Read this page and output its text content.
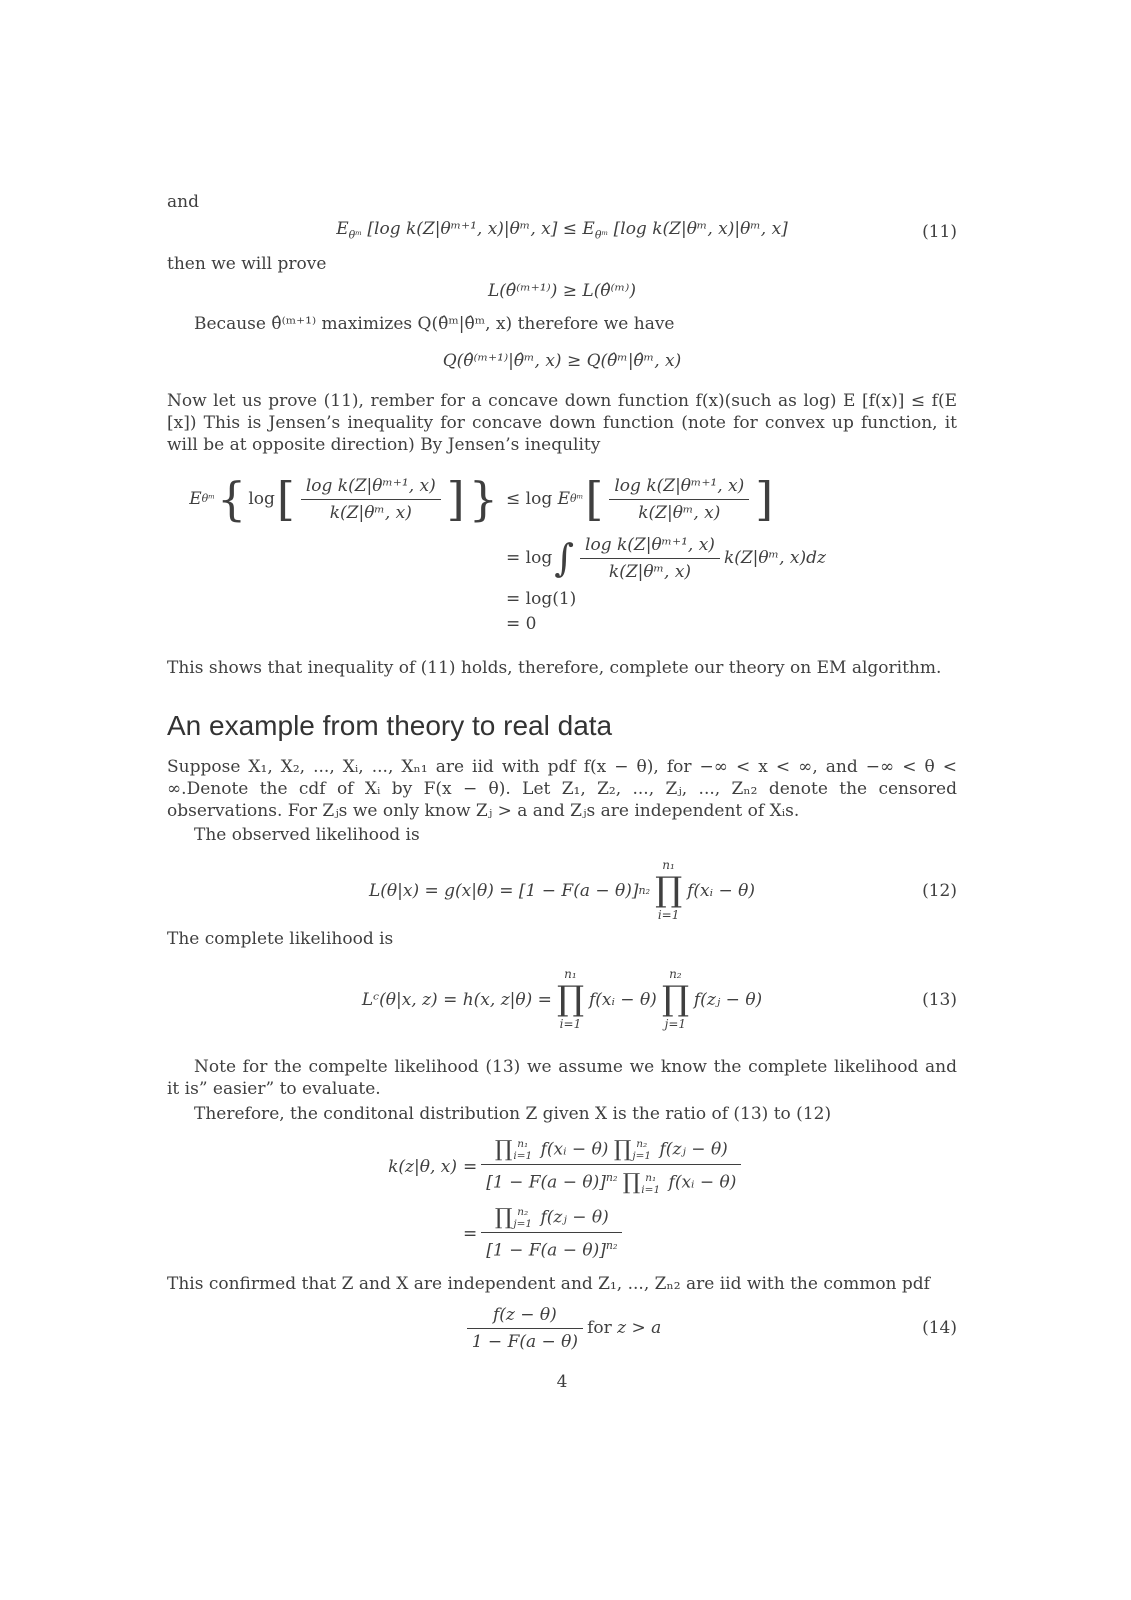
and

$E_{\theta ᵐ}$ [log k(Z|θᵐ⁺¹, x)|θᵐ, $x] \le E_{\theta ᵐ}$ [log k(Z|θᵐ, x)|θᵐ, x]	(11)

then we will prove

L(θ̂⁽ᵐ⁺¹⁾) ≥ L(θ̂⁽ᵐ⁾)

Because θ̂⁽ᵐ⁺¹⁾ maximizes Q(θ̂ᵐ|θ̂ᵐ, x) therefore we have

Q(θ̂⁽ᵐ⁺¹⁾|θ̂ᵐ, x) ≥ Q(θ̂ᵐ|θ̂ᵐ, x)

Now let us prove (11), rember for a concave down function f(x)(such as log) E [f(x)] ≤ f(E [x]) This is Jensen’s inequality for concave down function (note for convex up function, it will be at opposite direction) By Jensen’s inequlity

E θᵐ { log [ $\frac{\text{log k(Z|θᵐ⁺¹, x)}}{\text{k(Z|θᵐ, x)}}$ ] } ≤ log
E θᵐ [ $\frac{\text{log k(Z|θᵐ⁺¹, x)}}{\text{k(Z|θᵐ, x)}}$ ]
= log ∫ $\frac{\text{log k(Z|θᵐ⁺¹, x)}}{\text{k(Z|θᵐ, x)}}$ k(Z|θᵐ, x)dz
= log(1)
= 0

This shows that inequality of (11) holds, therefore, complete our theory on EM algorithm.

An example from theory to real data

Suppose X₁, X₂, ..., Xᵢ, ..., Xₙ₁ are iid with pdf f(x − θ), for −∞ < x < ∞, and −∞ < θ < ∞.Denote the cdf of Xᵢ by F(x − θ). Let Z₁, Z₂, ..., Zⱼ, ..., Zₙ₂ denote the censored observations. For Zⱼs we only know Zⱼ > a and Zⱼs are independent of Xᵢs.

The observed likelihood is

L(θ|x) = g(x|θ) = [1 − F(a − θ)] n₂
n₁
∏
i=1
f(xᵢ − θ)	(12)

The complete likelihood is

Lᶜ(θ|x, z) = h(x, z|θ) =
n₁
∏
i=1
f(xᵢ − θ)
n₂
∏
j=1
f(zⱼ − θ)	(13)

Note for the compelte likelihood (13) we assume we know the complete likelihood and it is” easier” to evaluate.

Therefore, the conditonal distribution Z given X is the ratio of (13) to (12)

k(z|θ, x) =
∏ n₁
i=1 f(xᵢ − θ) ∏ n₂
j=1 f(zⱼ − θ)
$[1 - F(a - \theta)]^{n_2}$ ∏ n₁
i=1 f(xᵢ − θ)
= ∏ n₂
j=1 f(zⱼ − θ)
$[1 - F(a - \theta)]^{n_2}$

This confirmed that Z and X are independent and Z₁, ..., Zₙ₂ are iid with the common pdf

$\frac{f(z - \theta)}{1 - F(a - \theta)}$ for
z > a	(14)

4
